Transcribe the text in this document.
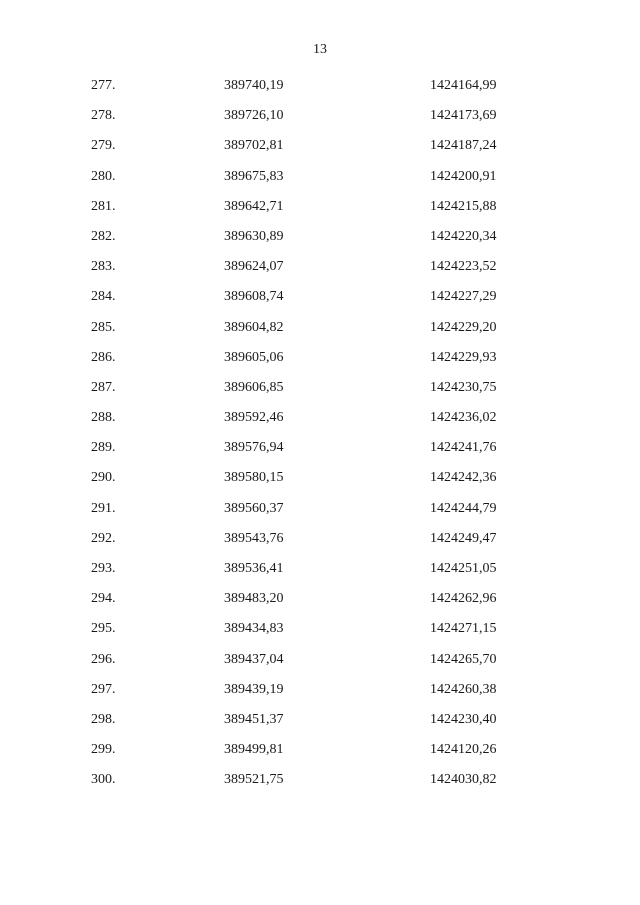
13
277.	389740,19	1424164,99
278.	389726,10	1424173,69
279.	389702,81	1424187,24
280.	389675,83	1424200,91
281.	389642,71	1424215,88
282.	389630,89	1424220,34
283.	389624,07	1424223,52
284.	389608,74	1424227,29
285.	389604,82	1424229,20
286.	389605,06	1424229,93
287.	389606,85	1424230,75
288.	389592,46	1424236,02
289.	389576,94	1424241,76
290.	389580,15	1424242,36
291.	389560,37	1424244,79
292.	389543,76	1424249,47
293.	389536,41	1424251,05
294.	389483,20	1424262,96
295.	389434,83	1424271,15
296.	389437,04	1424265,70
297.	389439,19	1424260,38
298.	389451,37	1424230,40
299.	389499,81	1424120,26
300.	389521,75	1424030,82
